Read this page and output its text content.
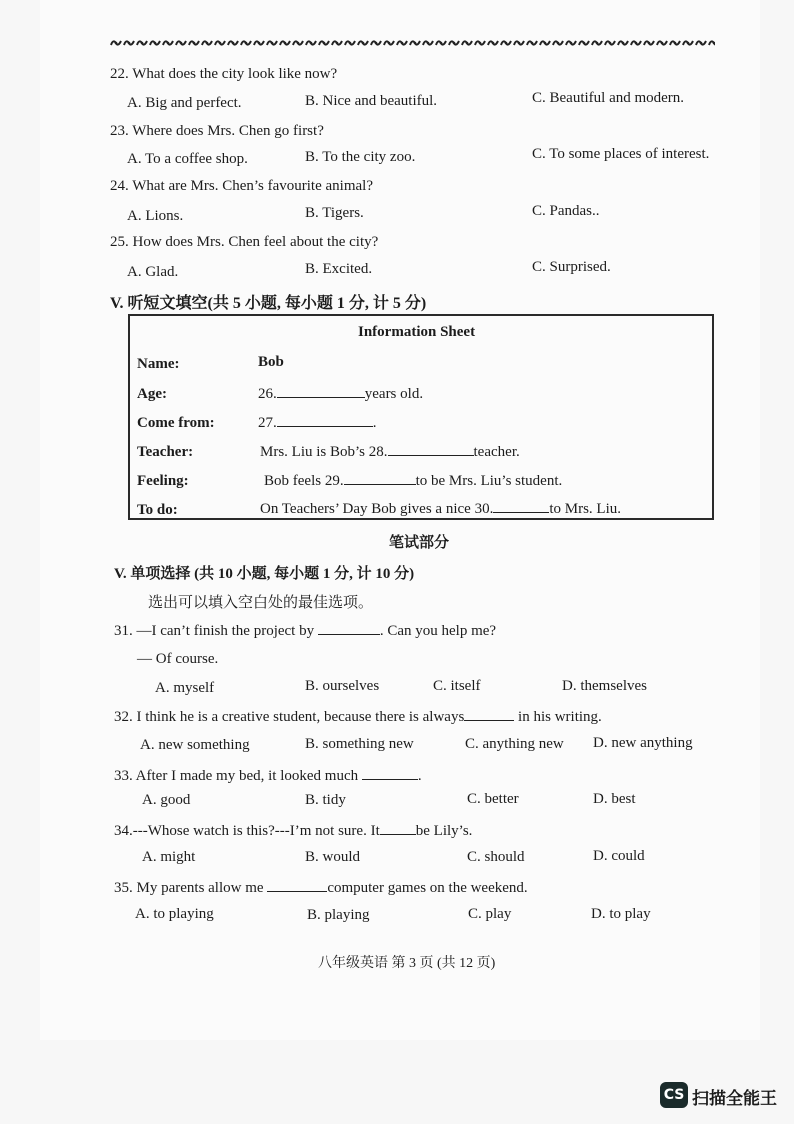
22. What does the city look like now?
A. Big and perfect.	B. Nice and beautiful.	C. Beautiful and modern.
23. Where does Mrs. Chen go first?
A. To a coffee shop.	B. To the city zoo.	C. To some places of interest.
24. What are Mrs. Chen’s favourite animal?
A. Lions.	B. Tigers.	C. Pandas..
25. How does Mrs. Chen feel about the city?
A. Glad.	B. Excited.	C. Surprised.
V. 听短文填空(共 5 小题, 每小题 1 分, 计 5 分)
Information Sheet
Name:	Bob
Age:	26.	years old.
Come from:	27.	.
Teacher:	Mrs. Liu is Bob’s 28.	teacher.
Feeling:	Bob feels 29.	to be Mrs. Liu’s student.
To do:	On Teachers’ Day Bob gives a nice 30.	to Mrs. Liu.
笔试部分
V. 单项选择 (共 10 小题, 每小题 1 分, 计 10 分)
选出可以填入空白处的最佳选项。
31. —I can’t finish the project by	. Can you help me?
— Of course.
A. myself	B. ourselves	C. itself	D. themselves
32. I think he is a creative student, because there is always	in his writing.
A. new something	B. something new	C. anything new D. new anything
33. After I made my bed, it looked much	.
A. good	B. tidy	C. better	D. best
34.---Whose watch is this?---I’m not sure. It be Lily’s.
A. might	B. would	C. should	D. could
35. My parents allow me	computer games on the weekend.
A. to playing	B. playing	C. play	D. to play
八年级英语 第 3 页 (共 12 页)
CS 扫描全能王
